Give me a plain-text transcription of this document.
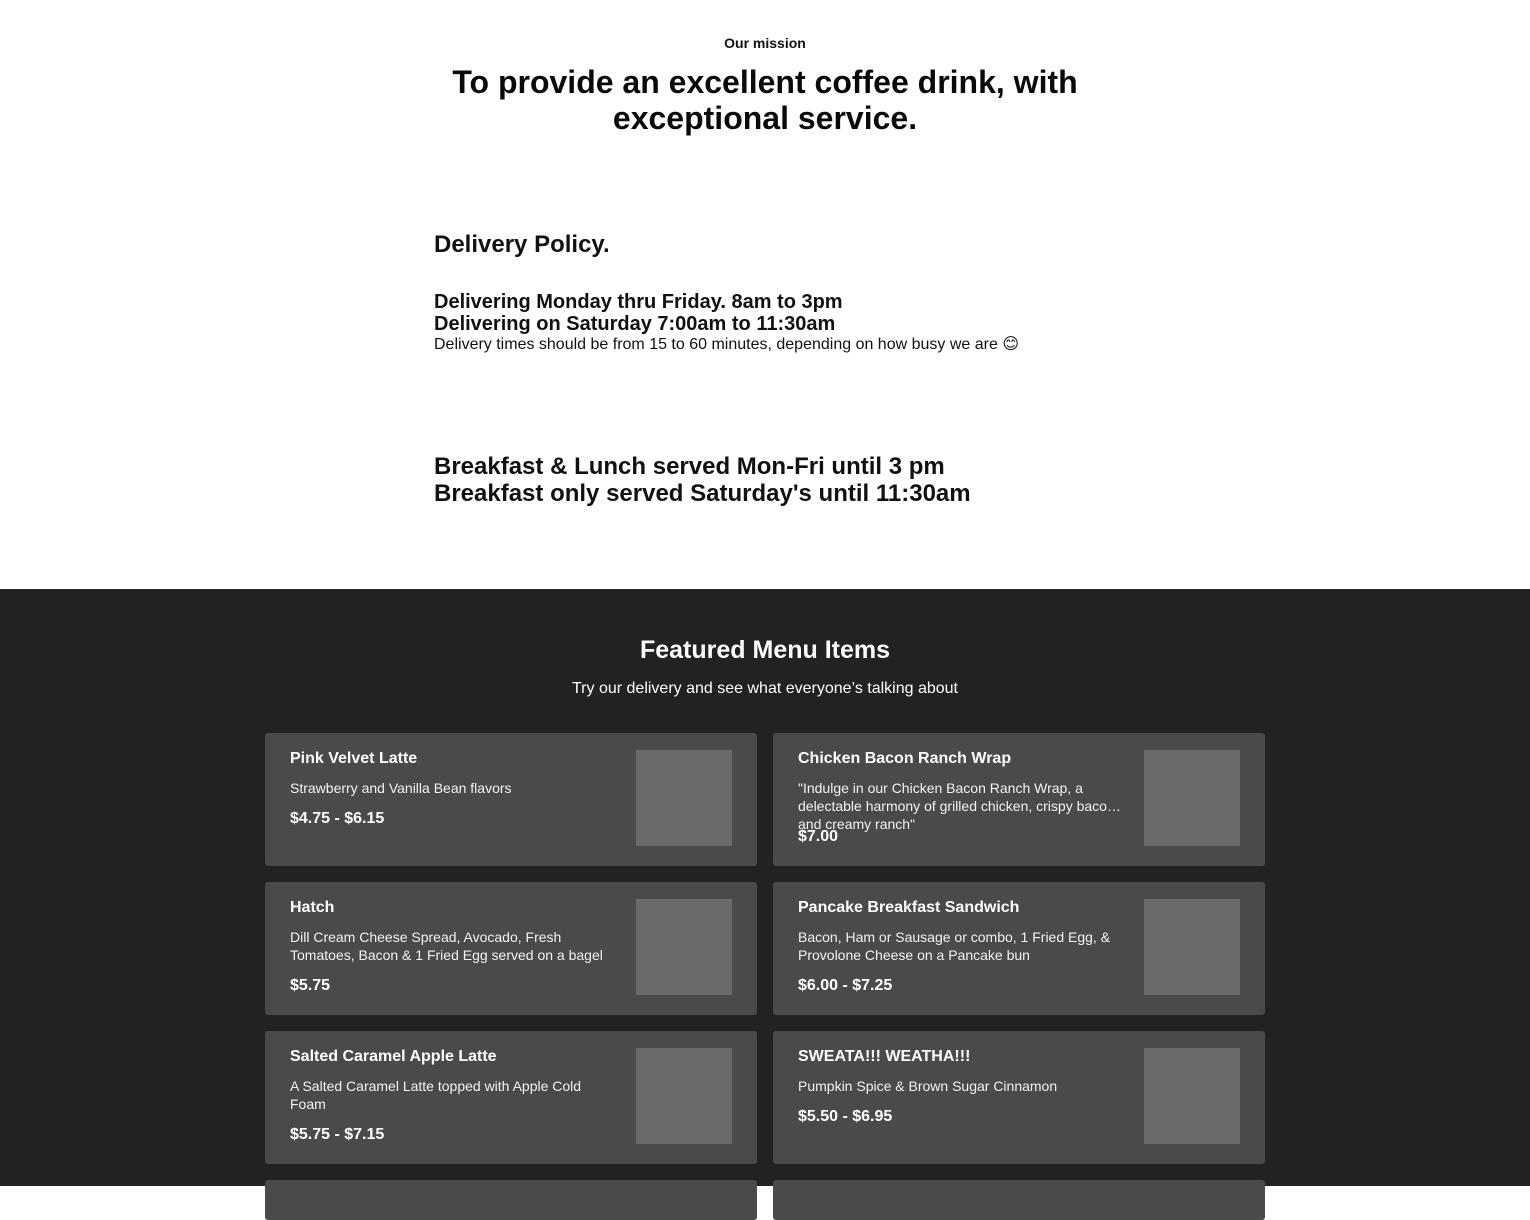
Our mission
To provide an excellent coffee drink, with exceptional service.
Delivery Policy.
Delivering Monday thru Friday. 8am to 3pm
Delivering on Saturday 7:00am to 11:30am
Delivery times should be from 15 to 60 minutes, depending on how busy we are 😊
Breakfast & Lunch served Mon-Fri until 3 pm
Breakfast only served Saturday's until 11:30am
Featured Menu Items
Try our delivery and see what everyone’s talking about
Pink Velvet Latte
Strawberry and Vanilla Bean flavors
$4.75 - $6.15
Chicken Bacon Ranch Wrap
"Indulge in our Chicken Bacon Ranch Wrap, a delectable harmony of grilled chicken, crispy bacon, and creamy ranch"
$7.00
Hatch
Dill Cream Cheese Spread, Avocado, Fresh Tomatoes, Bacon & 1 Fried Egg served on a bagel
$5.75
Pancake Breakfast Sandwich
Bacon, Ham or Sausage or combo, 1 Fried Egg, & Provolone Cheese on a Pancake bun
$6.00 - $7.25
Salted Caramel Apple Latte
A Salted Caramel Latte topped with Apple Cold Foam
$5.75 - $7.15
SWEATA!!! WEATHA!!!
Pumpkin Spice & Brown Sugar Cinnamon
$5.50 - $6.95
